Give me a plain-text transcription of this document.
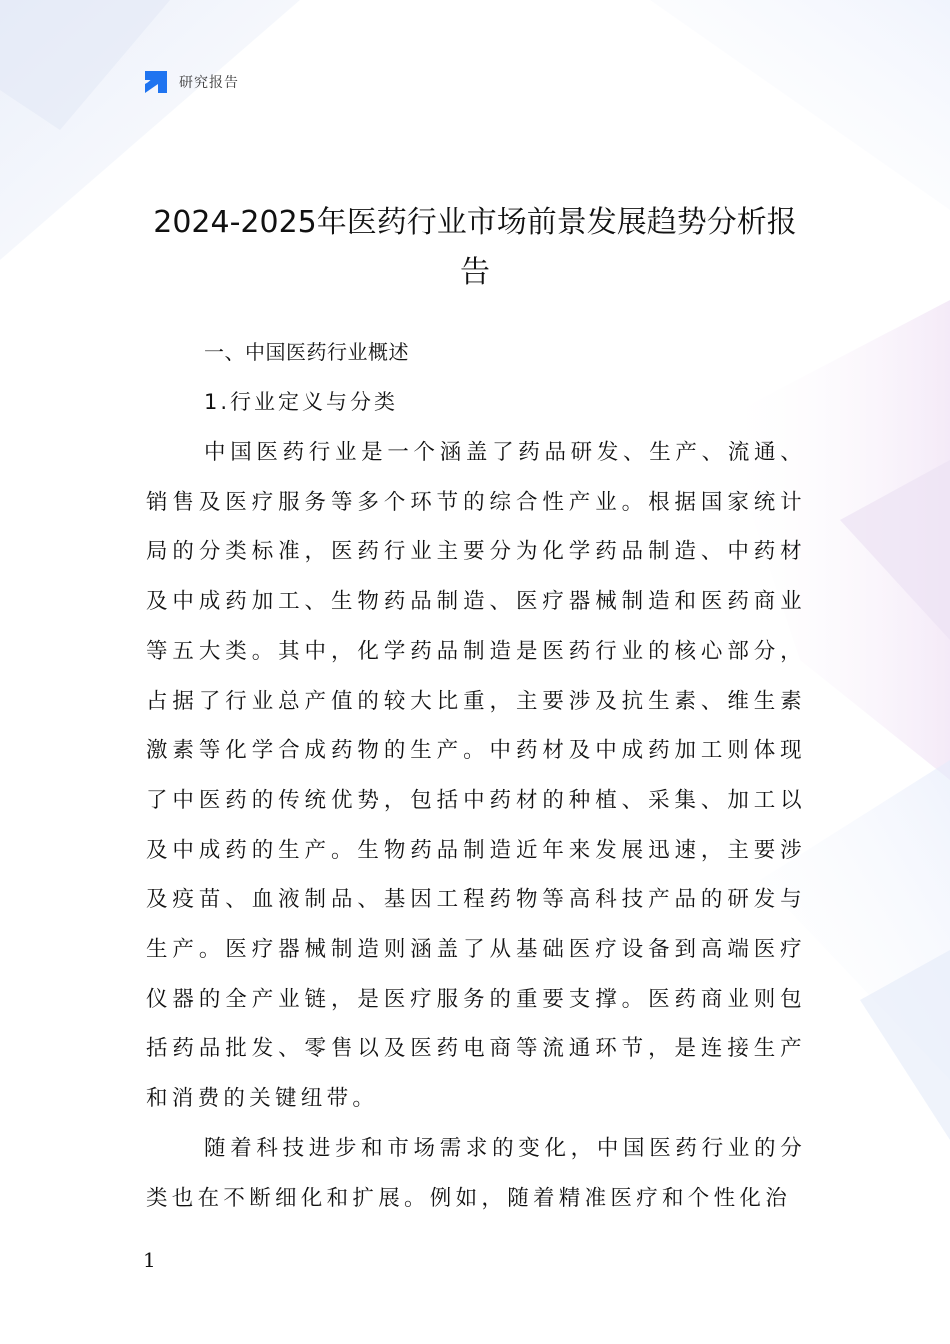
研究报告
2024-2025年医药行业市场前景发展趋势分析报告
一、中国医药行业概述
1.行业定义与分类

中国医药行业是一个涵盖了药品研发、生产、流通、销售及医疗服务等多个环节的综合性产业。根据国家统计局的分类标准，医药行业主要分为化学药品制造、中药材及中成药加工、生物药品制造、医疗器械制造和医药商业等五大类。其中，化学药品制造是医药行业的核心部分，占据了行业总产值的较大比重，主要涉及抗生素、维生素激素等化学合成药物的生产。中药材及中成药加工则体现了中医药的传统优势，包括中药材的种植、采集、加工以及中成药的生产。生物药品制造近年来发展迅速，主要涉及疫苗、血液制品、基因工程药物等高科技产品的研发与生产。医疗器械制造则涵盖了从基础医疗设备到高端医疗仪器的全产业链，是医疗服务的重要支撑。医药商业则包括药品批发、零售以及医药电商等流通环节，是连接生产和消费的关键纽带。

随着科技进步和市场需求的变化，中国医药行业的分类也在不断细化和扩展。例如，随着精准医疗和个性化治

1
